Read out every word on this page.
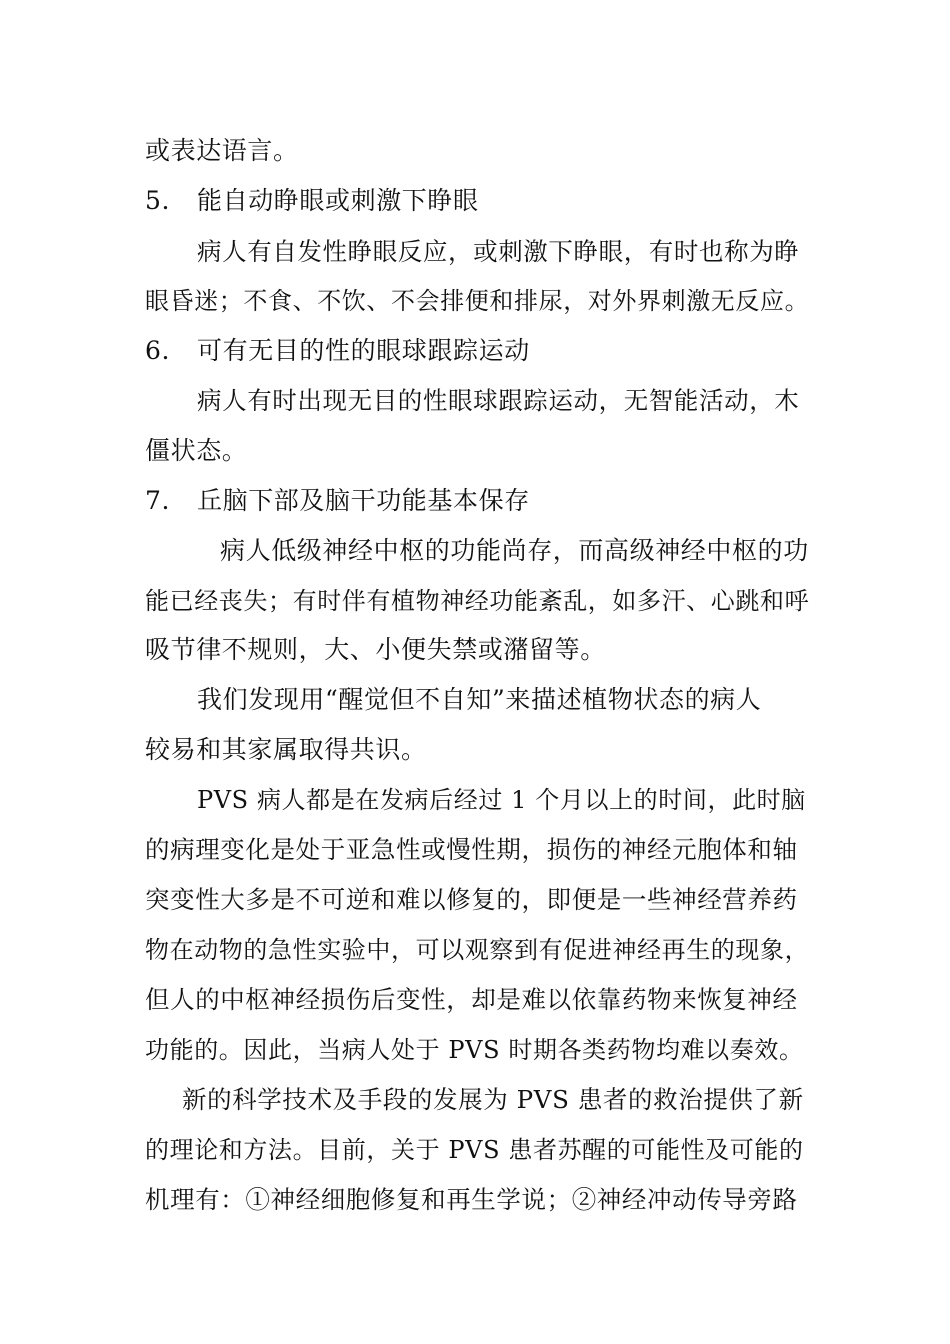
或表达语言。
5. 能自动睁眼或刺激下睁眼
病人有自发性睁眼反应，或刺激下睁眼，有时也称为睁
眼昏迷；不食、不饮、不会排便和排尿，对外界刺激无反应。
6. 可有无目的性的眼球跟踪运动
病人有时出现无目的性眼球跟踪运动，无智能活动，木
僵状态。
7. 丘脑下部及脑干功能基本保存
病人低级神经中枢的功能尚存，而高级神经中枢的功
能已经丧失；有时伴有植物神经功能紊乱，如多汗、心跳和呼
吸节律不规则，大、小便失禁或潴留等。
我们发现用“醒觉但不自知”来描述植物状态的病人
较易和其家属取得共识。
PVS 病人都是在发病后经过 1 个月以上的时间，此时脑
的病理变化是处于亚急性或慢性期，损伤的神经元胞体和轴
突变性大多是不可逆和难以修复的，即便是一些神经营养药
物在动物的急性实验中，可以观察到有促进神经再生的现象，
但人的中枢神经损伤后变性，却是难以依靠药物来恢复神经
功能的。因此，当病人处于 PVS 时期各类药物均难以奏效。
新的科学技术及手段的发展为 PVS 患者的救治提供了新
的理论和方法。目前，关于 PVS 患者苏醒的可能性及可能的
机理有：①神经细胞修复和再生学说；②神经冲动传导旁路
